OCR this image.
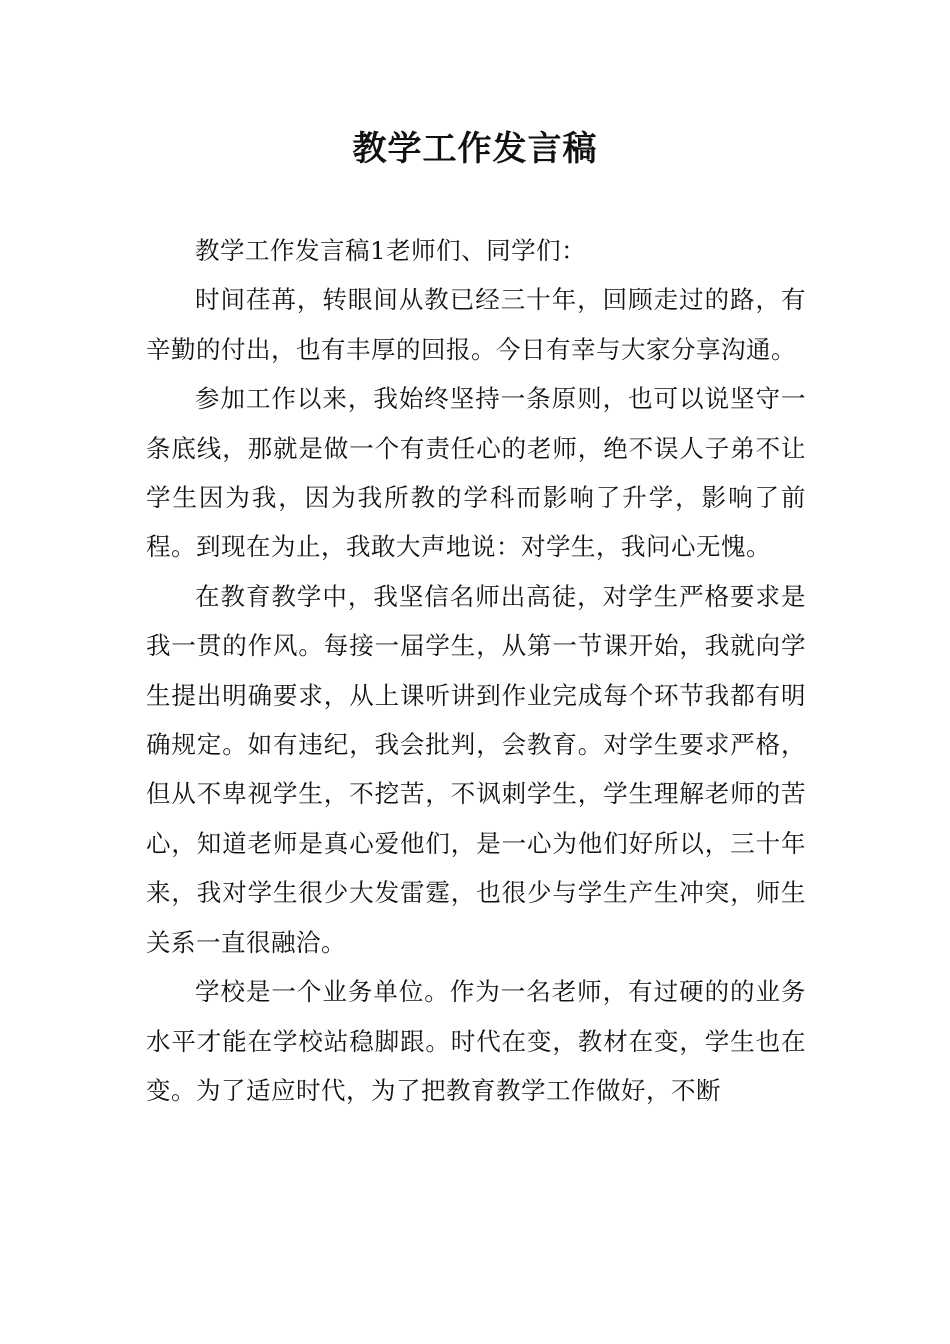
教学工作发言稿

教学工作发言稿1老师们、同学们：

时间荏苒，转眼间从教已经三十年，回顾走过的路，有辛勤的付出，也有丰厚的回报。今日有幸与大家分享沟通。

参加工作以来，我始终坚持一条原则，也可以说坚守一条底线，那就是做一个有责任心的老师，绝不误人子弟不让学生因为我，因为我所教的学科而影响了升学，影响了前程。到现在为止，我敢大声地说：对学生，我问心无愧。

在教育教学中，我坚信名师出高徒，对学生严格要求是我一贯的作风。每接一届学生，从第一节课开始，我就向学生提出明确要求，从上课听讲到作业完成每个环节我都有明确规定。如有违纪，我会批判，会教育。对学生要求严格，但从不卑视学生，不挖苦，不讽刺学生，学生理解老师的苦心，知道老师是真心爱他们，是一心为他们好所以，三十年来，我对学生很少大发雷霆，也很少与学生产生冲突，师生关系一直很融洽。

学校是一个业务单位。作为一名老师，有过硬的的业务水平才能在学校站稳脚跟。时代在变，教材在变，学生也在变。为了适应时代，为了把教育教学工作做好，不断
